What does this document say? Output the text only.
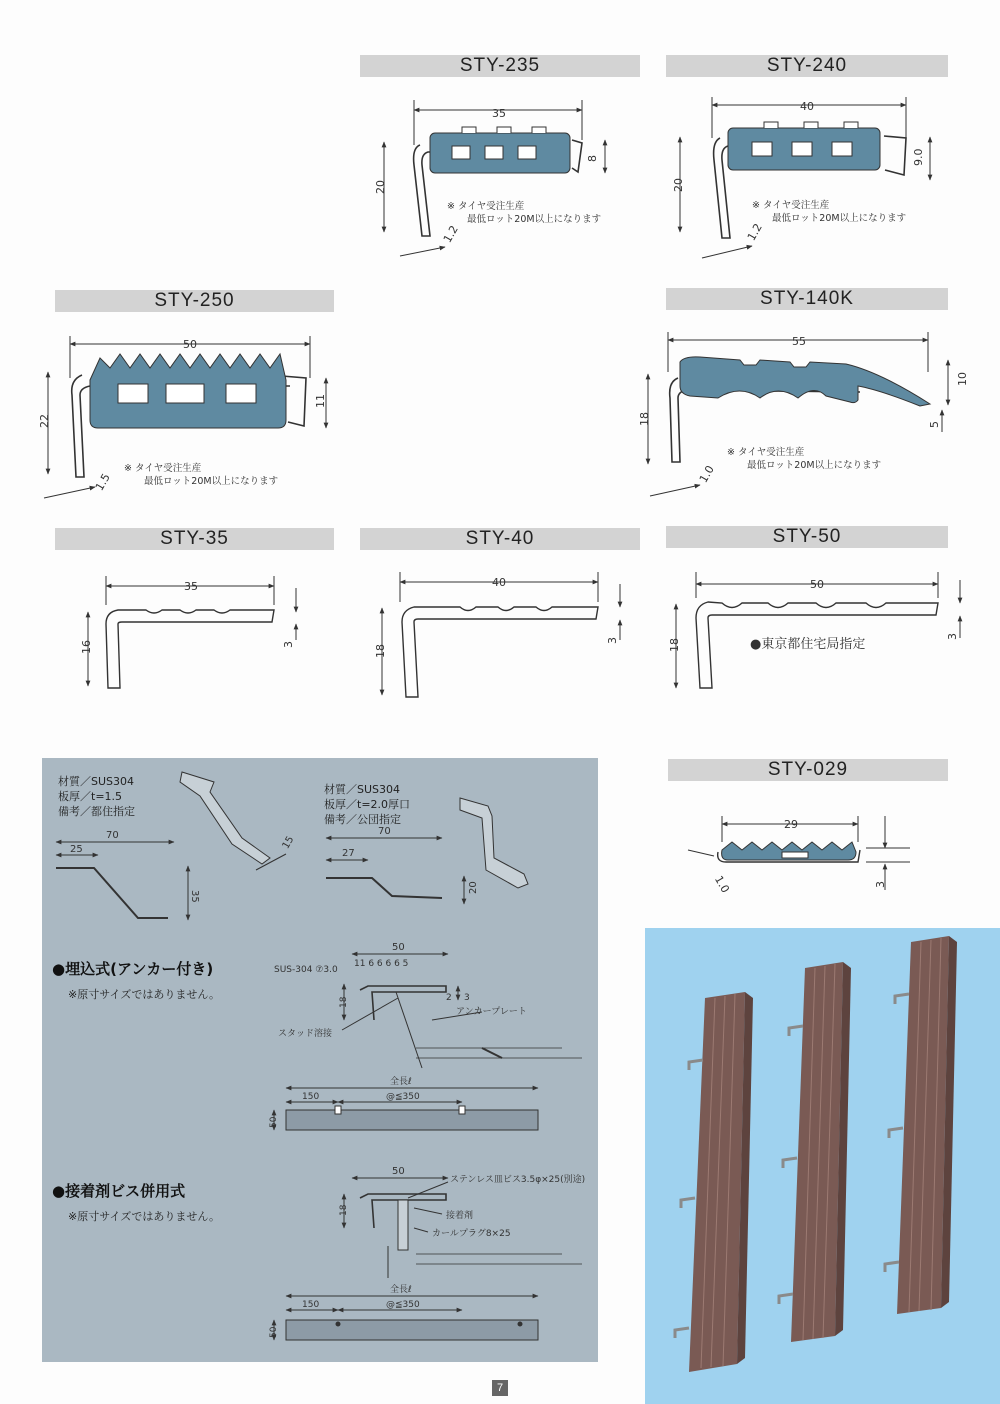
STY-235	STY-240
STY-250	STY-140K
STY-35	STY-40	STY-50
STY-029
35
20
8
1.2
40
20
9.0
1.2
50
22
11
1.5
55
18
10
5
1.0
35
16	3
40
18
3
50
18
3
●東京都住宅局指定
※ タイヤ受注生産
最低ロット20M以上になります
※ タイヤ受注生産
最低ロット20M以上になります
※ タイヤ受注生産
最低ロット20M以上になります
※ タイヤ受注生産
最低ロット20M以上になります
29
3
1.0
材質／SUS304
板厚／t=1.5
備考／都住指定
材質／SUS304
板厚／t=2.0厚口
備考／公団指定
70
25
35
15
70
27
20
SUS-304 ⑦3.0
50
11 6 6 6 6 5
18	2 3
アンカープレート
スタッド溶接
全長ℓ
150	@≦350
50
50
ステンレス皿ビス3.5φ×25(別途)
18	接着剤
カールプラグ8×25
全長ℓ
150	@≦350
50
●埋込式(アンカー付き)
※原寸サイズではありません。
●接着剤ビス併用式
※原寸サイズではありません。
7
